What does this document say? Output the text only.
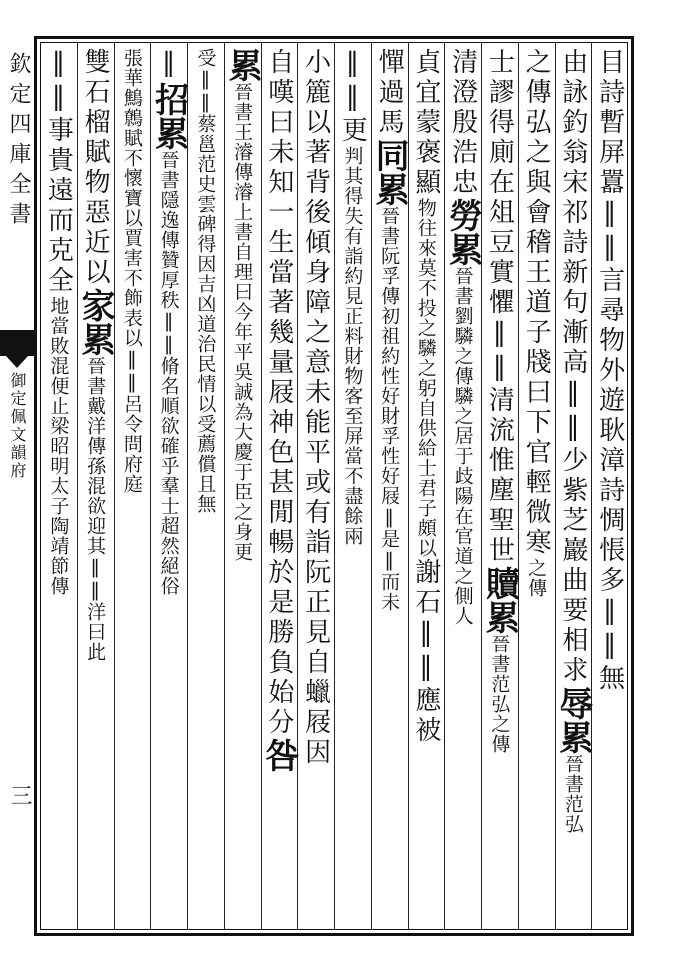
欽定四庫全書
御定佩文韻府
三
目詩暫屏囂‖‖言尋物外遊耿漳詩惆悵多‖‖無
由詠釣翁宋祁詩新句漸高‖‖少紫芝巖曲要相求辱累晉書范弘
之傳弘之與會稽王道子牋曰下官輕微寒之傳
士謬得廁在俎豆實懼‖‖清流惟塵聖世贖累晉書范弘之傳
清澄殷浩忠勞累晉書劉驎之傳驎之居于歧陽在官道之側人
貞宜蒙褒顯物往來莫不投之驎之躬自供給士君子頗以謝石‖‖應被
憚過馬同累晉書阮孚傳初祖約性好財孚性好屐‖是‖而未
‖‖更判其得失有詣約見正料財物客至屏當不盡餘兩
小簏以著背後傾身障之意未能平或有詣阮正見自蠟屐因
自嘆曰未知一生當著幾量屐神色甚閒暢於是勝負始分咎
累晉書王濬傳濬上書自理曰今年平吳誠為大慶于臣之身更
受‖‖蔡邕范史雲碑得因吉凶道治民情以受薦償且無
‖招累晉書隱逸傳贊厚秩‖‖脩名順欲確乎羣士超然絕俗
張華鷦鷯賦不懷寶以賈害不飾表以‖‖呂令問府庭
雙石榴賦物惡近以家累晉書戴洋傳孫混欲迎其‖‖洋曰此
‖‖事貴遠而克全地當敗混便止梁昭明太子陶靖節傳
